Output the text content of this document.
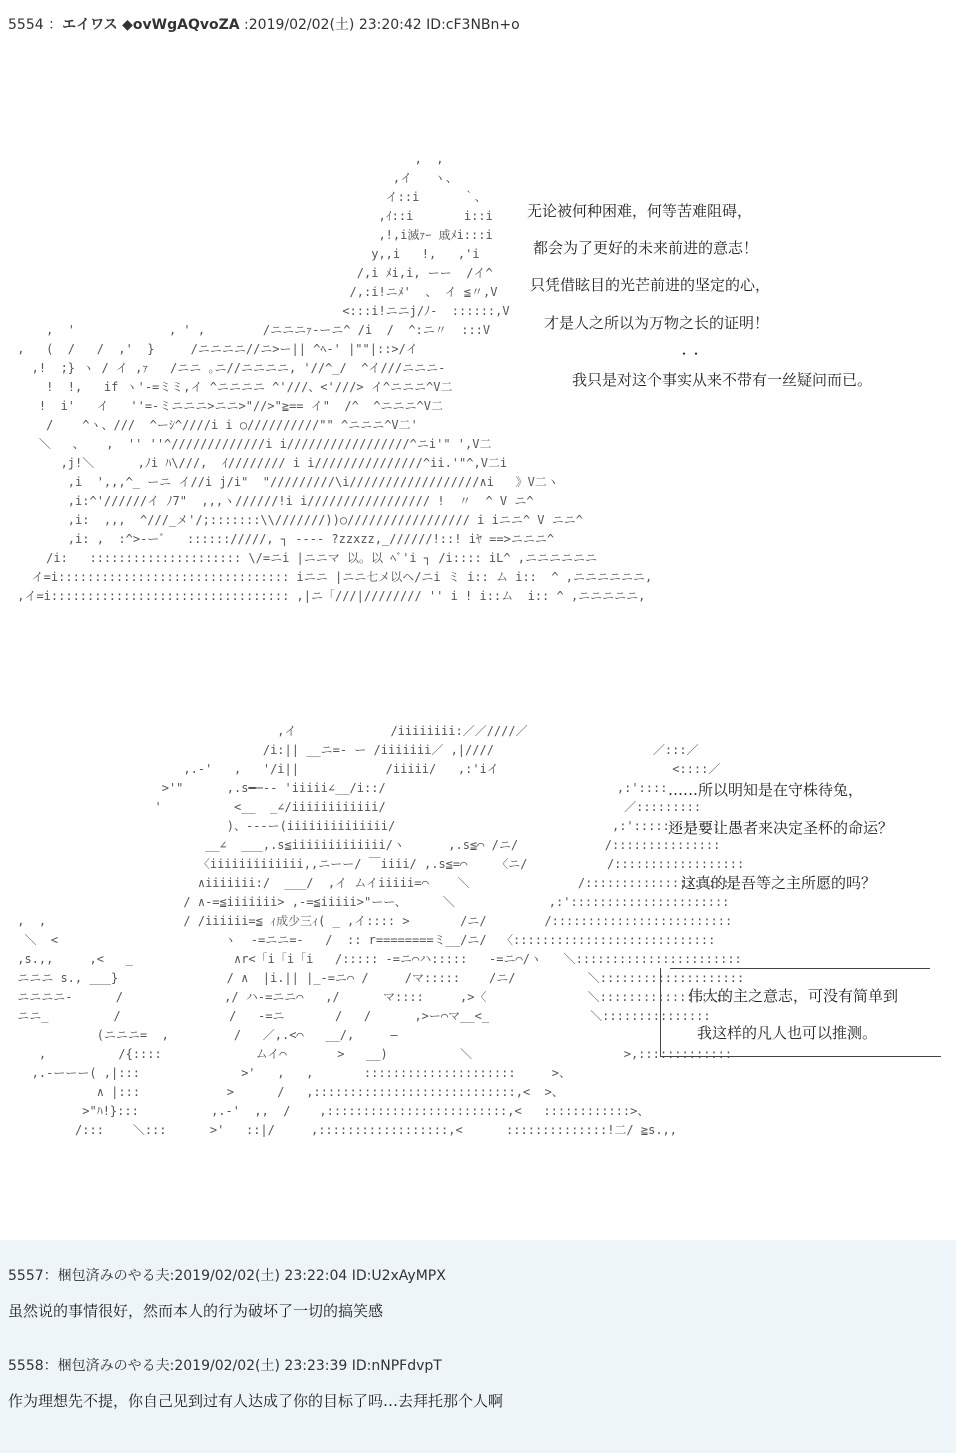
5554 ：エイワス ◆ovWgAQvoZA :2019/02/02(土) 23:20:42 ID:cF3NBn+o
,  ,
,イ   ヽ、
イ::i      ｀、
,ｲ::i       i::i
,!,i滅ｧｰ 戚ﾒi:::i
y,,i   !,   ,'i
/,i ﾒi,i, ーー  /イ^
/,:i!ニﾒ'  、 イ ≦〃,V
<:::i!ニニj/ﾉ-  ::::::,V
,  '             , ' ,        /ニニニｧ-ーニ^ /i  /  ^:ニ〃  :::V
,   (  /   /  ,'  }     /ニニニニ//ニ>ー|| ^ﾍ‐' |""|::>/イ
,!  ;} ヽ / イ ,ｧ   /ニニ ｡ニ//ニニニニ, '//^_/  ^イ///ニニニ-
!  !,   if ヽ'-=ミミ,イ ^ニニニニ ^'///、<'///> イ^ニニニ^V二
!  i'   イ   ''=-ミニニニ>ニニ>"//>"≧== イ"  /^  ^ニニニ^V二
/    ^ヽ、///  ^ーｼ^////i i ○//////////"" ^ニニニ^V二'
＼   、   ,  '' ''^/////////////i i/////////////////^ニi'" ',V二
,j!＼      ,ﾉi ﾊ\///,  ｲ//////// i i///////////////^ii.'"^,V二i
,i  ',,,^_ ーニ イ//i j/i"  "/////////\i//////////////////∧i   》V二ヽ
,i:^'//////イ ﾉ7"  ,,,ヽ//////!i i///////////////// !  〃  ^ V ニ^
,i:  ,,,  ^///_メ'/;:::::::\\///////))○///////////////// i iニニ^ V ニニ^
,i: ,  :^>-ーﾞ   :::::://///, ┐ ---- ?zzxzz,_//////!::! iﾔ ==>ニニニ^
/i:   ::::::::::::::::::::: \/=ニi |ニニマ 以。以 ﾍﾞ'i ┐ /i:::: iL^ ,ニニニニニニ
イ=i:::::::::::::::::::::::::::::::: iニニ |ニニ七メ以ヘ/ニi ミ i:: ム i::  ^ ,ニニニニニニ,
,イ=i::::::::::::::::::::::::::::::::: ,|ニ「///|//////// '' i ! i::ム  i:: ^ ,ニニニニニ,

无论被何种困难，何等苦难阻碍，
都会为了更好的未来前进的意志！
只凭借眩目的光芒前进的坚定的心，
才是人之所以为万物之长的证明！
・・
我只是对这个事实从来不带有一丝疑问而已。
,イ             /iiiiiiii:／／////／
/i:|| __ニ=- ー /iiiiiii／ ,|////                      ／:::／
,.-'   ,   '/i||            /iiiii/   ,:'iイ                        <::::／
>'"      ,.s━─-- 'iiiii∠__/i::/                                ,:'::::
'          <__  _∠/iiiiiiiiiiii/                                 ／:::::::::
)、---ー(iiiiiiiiiiiiii/                              ,:'::::::::::::
__∠  ___,.s≦iiiiiiiiiiiii/ヽ      ,.s≦⌒ /ニ/            /:::::::::::::::
〈iiiiiiiiiiiii,,ニーー/ ￣iiii/ ,.s≦=⌒    〈ニ/           /::::::::::::::::::
∧iiiiiii:/  ___/  ,イ ムイiiiii=⌒    ＼               /:::::::::::::::::::::
/ ∧-=≦iiiiiii> ,-=≦iiiii>"ーー、     ＼             ,:'::::::::::::::::::::::
,  ,                   / /iiiiii=≦ ｨ成少三ｨ( _ ,イ:::: >       /ニ/        /:::::::::::::::::::::::::
＼  <                       ヽ  -=ニニ=-   /  :: r========ミ__/ニ/  〈::::::::::::::::::::::::::::
,s.,,     ,<   _              ∧r<「i「i「i   /::::: -=ニ⌒ハ:::::   -=ニ⌒/ヽ   ＼:::::::::::::::::::::::
ニニニ s., ___}               / ∧  |i.|| |_-=ニ⌒ /     /マ:::::    /ニ/          ＼::::::::::::::::::::
ニニニニ-      /              ,/ ハ-=ニニ⌒   ,/      マ::::     ,>〈              ＼::::::::::::::::::
ニニ_         /               /   -=ニ       /   /      ,>ー⌒マ__<_              ＼:::::::::::::::
(ニニニ=  ,         /   ／,.<⌒   __/,     ―
,          /{::::             ムイ⌒       >   __)          ＼                     >,:::::::::::::
,.-ーーー( ,|:::              >'   ,   ,       :::::::::::::::::::::     >、
∧ |:::            >      /   ,::::::::::::::::::::::::::::,<  >、
>"ﾊ!}:::          ,.-'  ,,  /    ,:::::::::::::::::::::::::,<   ::::::::::::>、
/:::    ＼:::      >'   ::|/     ,::::::::::::::::::,<      ::::::::::::::!二/ ≧s.,,

……所以明知是在守株待兔，
还是要让愚者来决定圣杯的命运？
这真的是吾等之主所愿的吗？
伟大的主之意志，可没有简单到
我这样的凡人也可以推测。
5557：梱包済みのやる夫:2019/02/02(土) 23:22:04 ID:U2xAyMPX
虽然说的事情很好，然而本人的行为破坏了一切的搞笑感
5558：梱包済みのやる夫:2019/02/02(土) 23:23:39 ID:nNPFdvpT
作为理想先不提，你自己见到过有人达成了你的目标了吗…去拜托那个人啊
